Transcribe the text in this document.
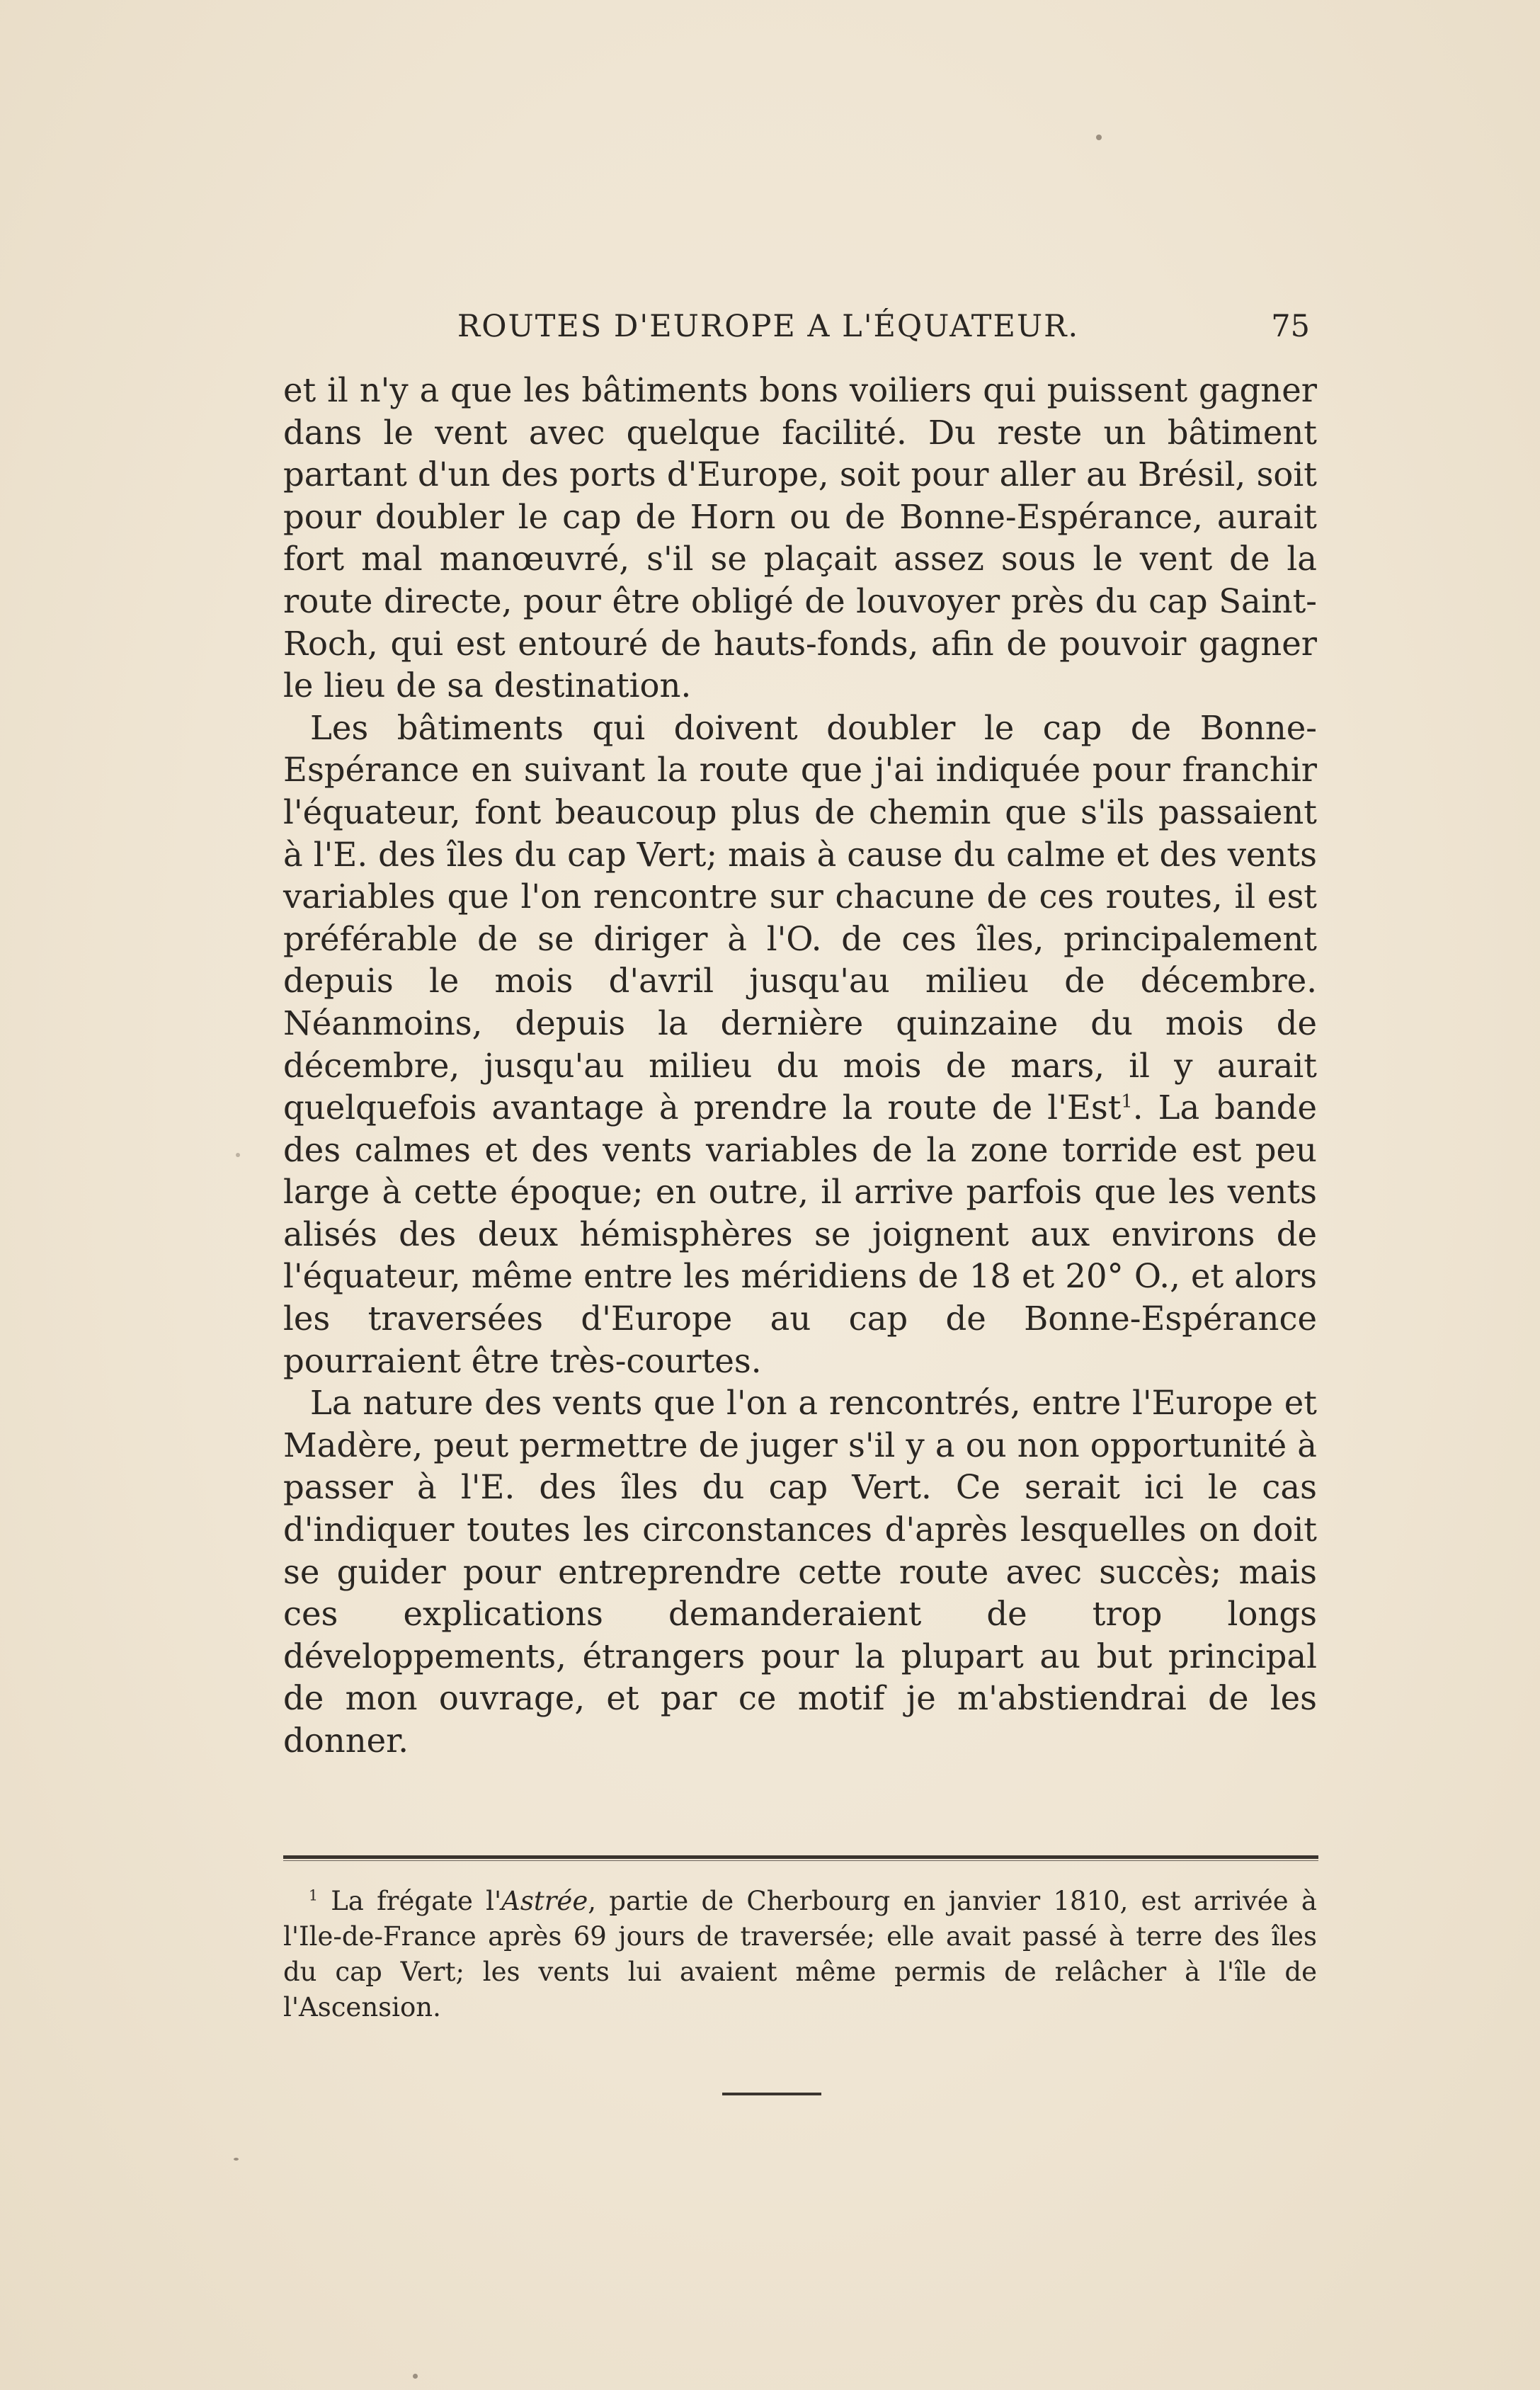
ROUTES D'EUROPE A L'ÉQUATEUR.	75

et il n'y a que les bâtiments bons voiliers qui puissent gagner dans le vent avec quelque facilité. Du reste un bâtiment partant d'un des ports d'Europe, soit pour aller au Brésil, soit pour doubler le cap de Horn ou de Bonne-Espérance, aurait fort mal manœuvré, s'il se plaçait assez sous le vent de la route directe, pour être obligé de louvoyer près du cap Saint-Roch, qui est entouré de hauts-fonds, afin de pouvoir gagner le lieu de sa destination.

Les bâtiments qui doivent doubler le cap de Bonne-Espérance en suivant la route que j'ai indiquée pour franchir l'équateur, font beaucoup plus de chemin que s'ils passaient à l'E. des îles du cap Vert; mais à cause du calme et des vents variables que l'on rencontre sur chacune de ces routes, il est préférable de se diriger à l'O. de ces îles, principalement depuis le mois d'avril jusqu'au milieu de décembre. Néanmoins, depuis la dernière quinzaine du mois de décembre, jusqu'au milieu du mois de mars, il y aurait quelquefois avantage à prendre la route de l'Est$^1$. La bande des calmes et des vents variables de la zone torride est peu large à cette époque; en outre, il arrive parfois que les vents alisés des deux hémisphères se joignent aux environs de l'équateur, même entre les méridiens de 18 et 20° O., et alors les traversées d'Europe au cap de Bonne-Espérance pourraient être très-courtes.

La nature des vents que l'on a rencontrés, entre l'Europe et Madère, peut permettre de juger s'il y a ou non opportunité à passer à l'E. des îles du cap Vert. Ce serait ici le cas d'indiquer toutes les circonstances d'après lesquelles on doit se guider pour entreprendre cette route avec succès; mais ces explications demanderaient de trop longs développements, étrangers pour la plupart au but principal de mon ouvrage, et par ce motif je m'abstiendrai de les donner.

$^1$ La frégate l'Astrée, partie de Cherbourg en janvier 1810, est arrivée à l'Ile-de-France après 69 jours de traversée; elle avait passé à terre des îles du cap Vert; les vents lui avaient même permis de relâcher à l'île de l'Ascension.
